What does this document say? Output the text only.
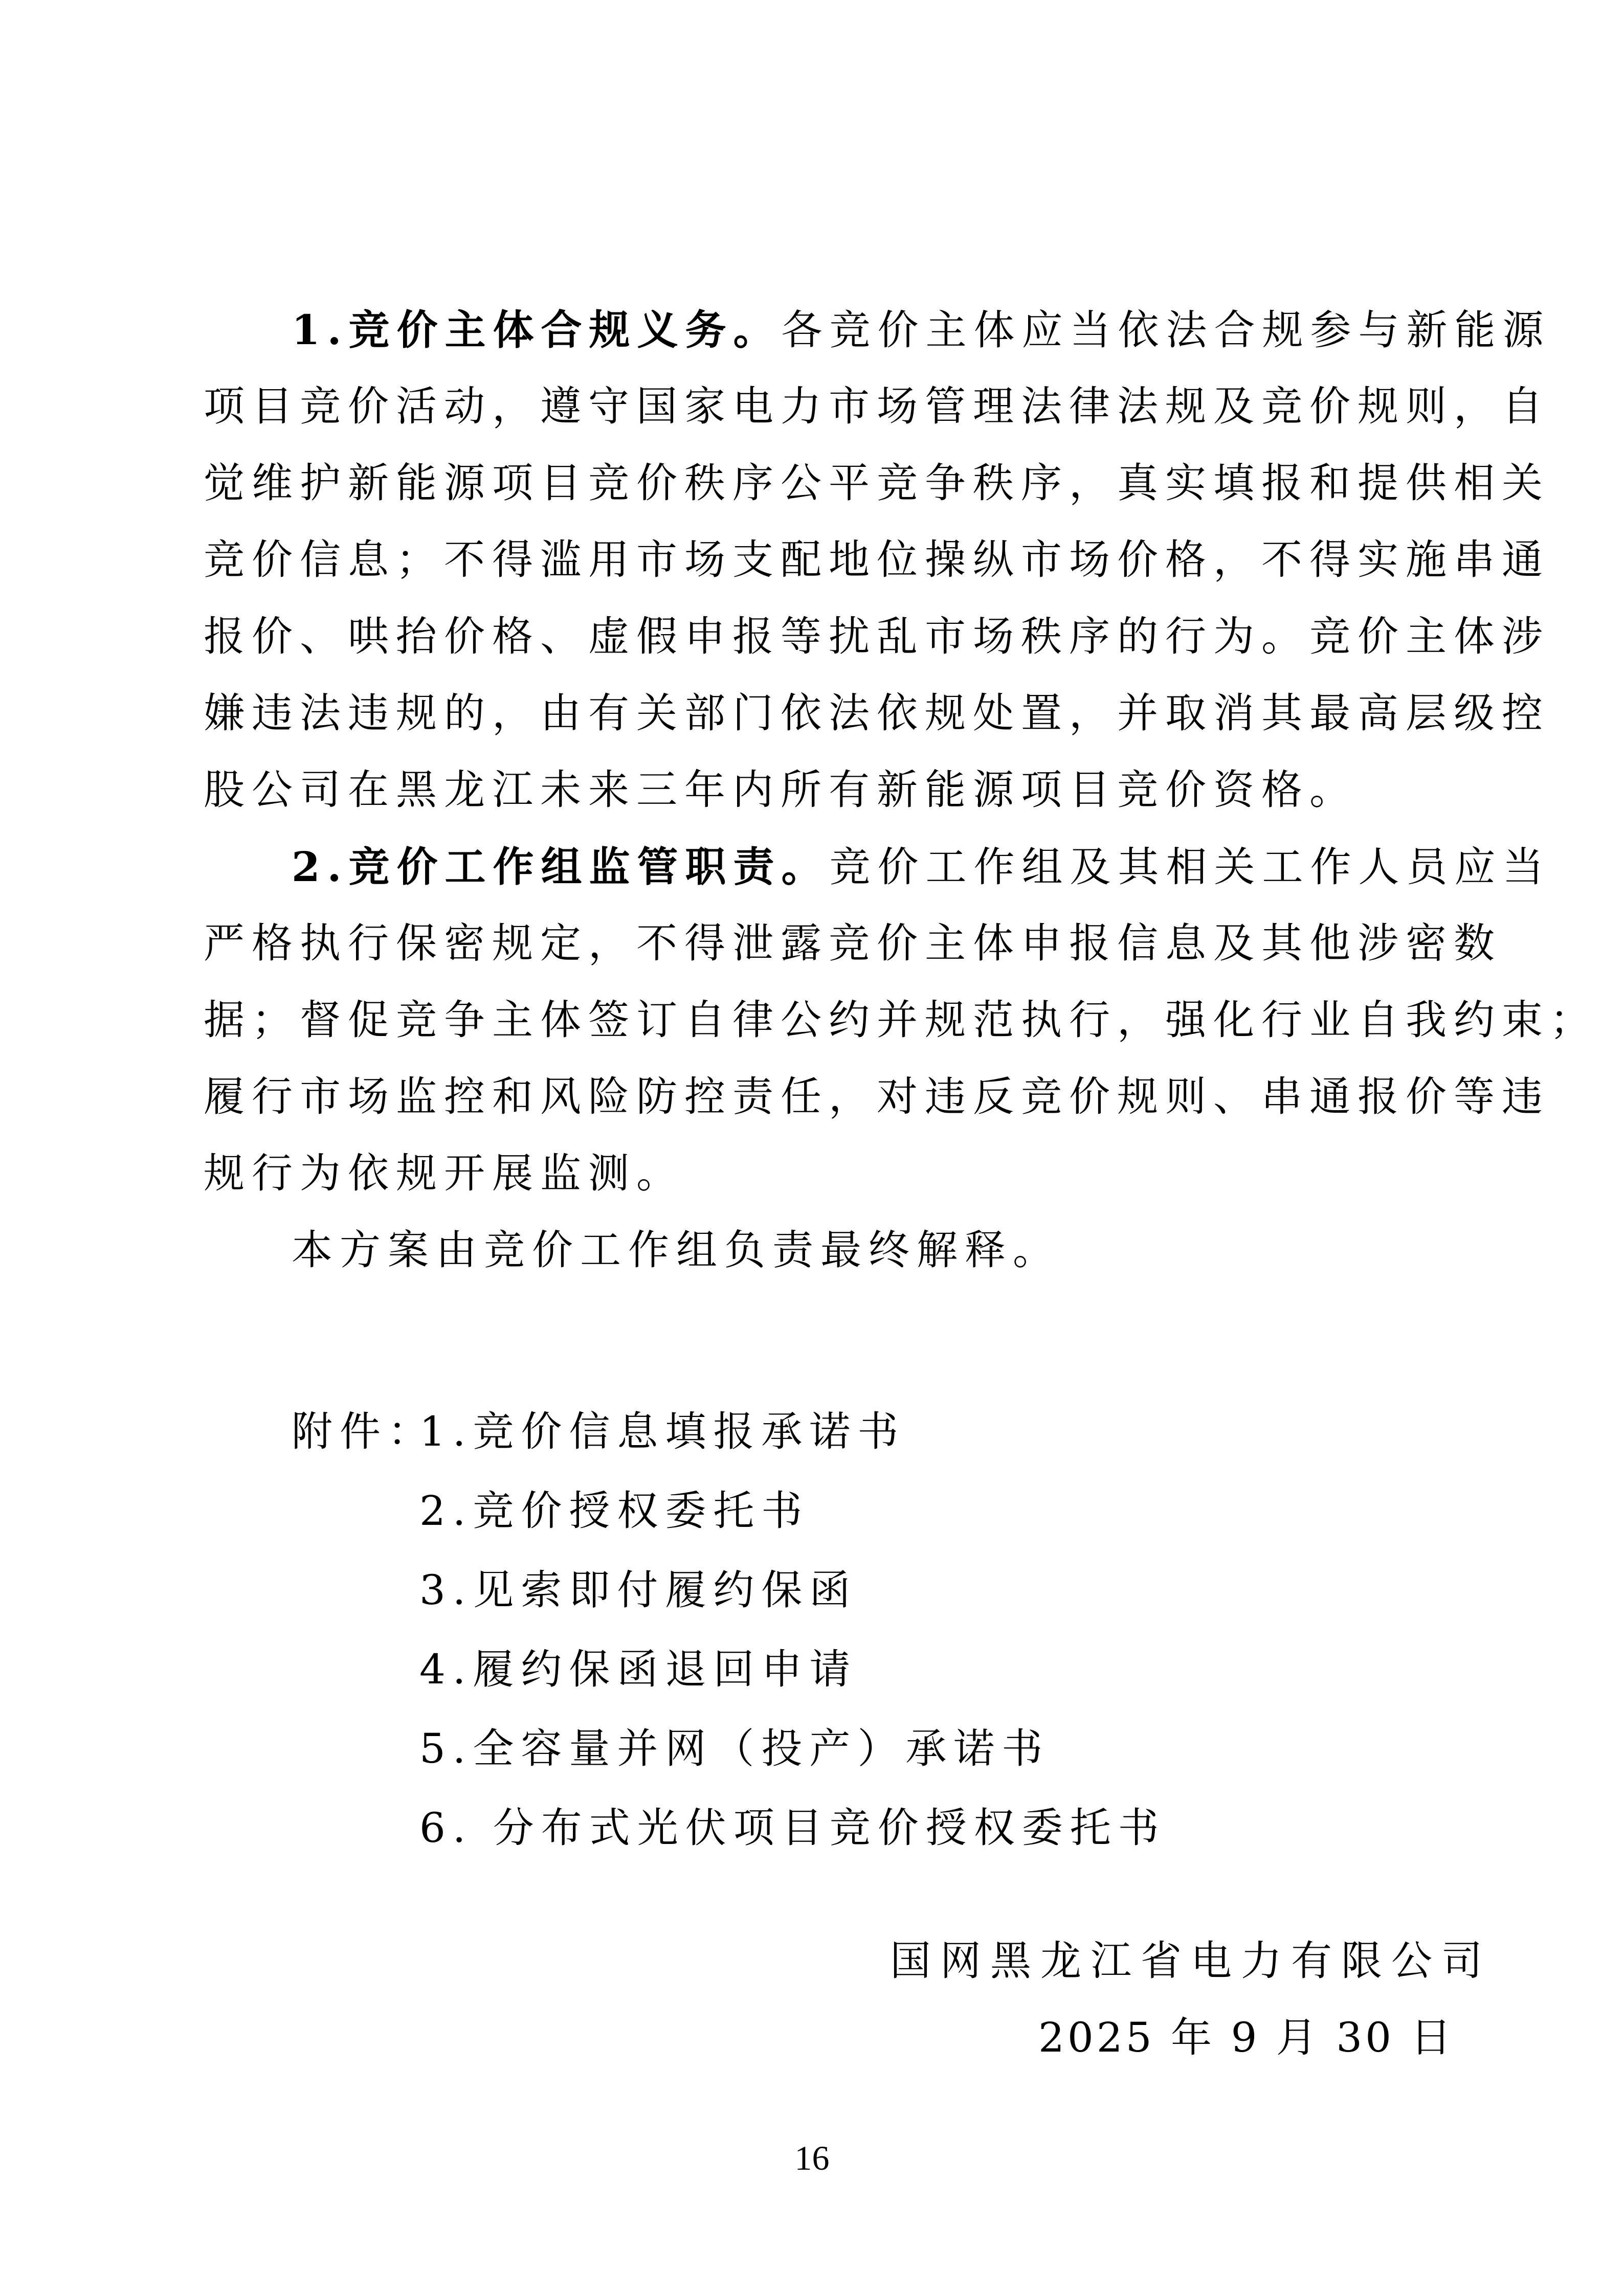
1.竞价主体合规义务。各竞价主体应当依法合规参与新能源
项目竞价活动，遵守国家电力市场管理法律法规及竞价规则，自
觉维护新能源项目竞价秩序公平竞争秩序，真实填报和提供相关
竞价信息；不得滥用市场支配地位操纵市场价格，不得实施串通
报价、哄抬价格、虚假申报等扰乱市场秩序的行为。竞价主体涉
嫌违法违规的，由有关部门依法依规处置，并取消其最高层级控
股公司在黑龙江未来三年内所有新能源项目竞价资格。
2.竞价工作组监管职责。竞价工作组及其相关工作人员应当
严格执行保密规定，不得泄露竞价主体申报信息及其他涉密数
据；督促竞争主体签订自律公约并规范执行，强化行业自我约束；
履行市场监控和风险防控责任，对违反竞价规则、串通报价等违
规行为依规开展监测。
本方案由竞价工作组负责最终解释。
附件：
1.竞价信息填报承诺书
2.竞价授权委托书
3.见索即付履约保函
4.履约保函退回申请
5.全容量并网（投产）承诺书
6. 分布式光伏项目竞价授权委托书
国网黑龙江省电力有限公司
2025 年 9 月 30 日
16
